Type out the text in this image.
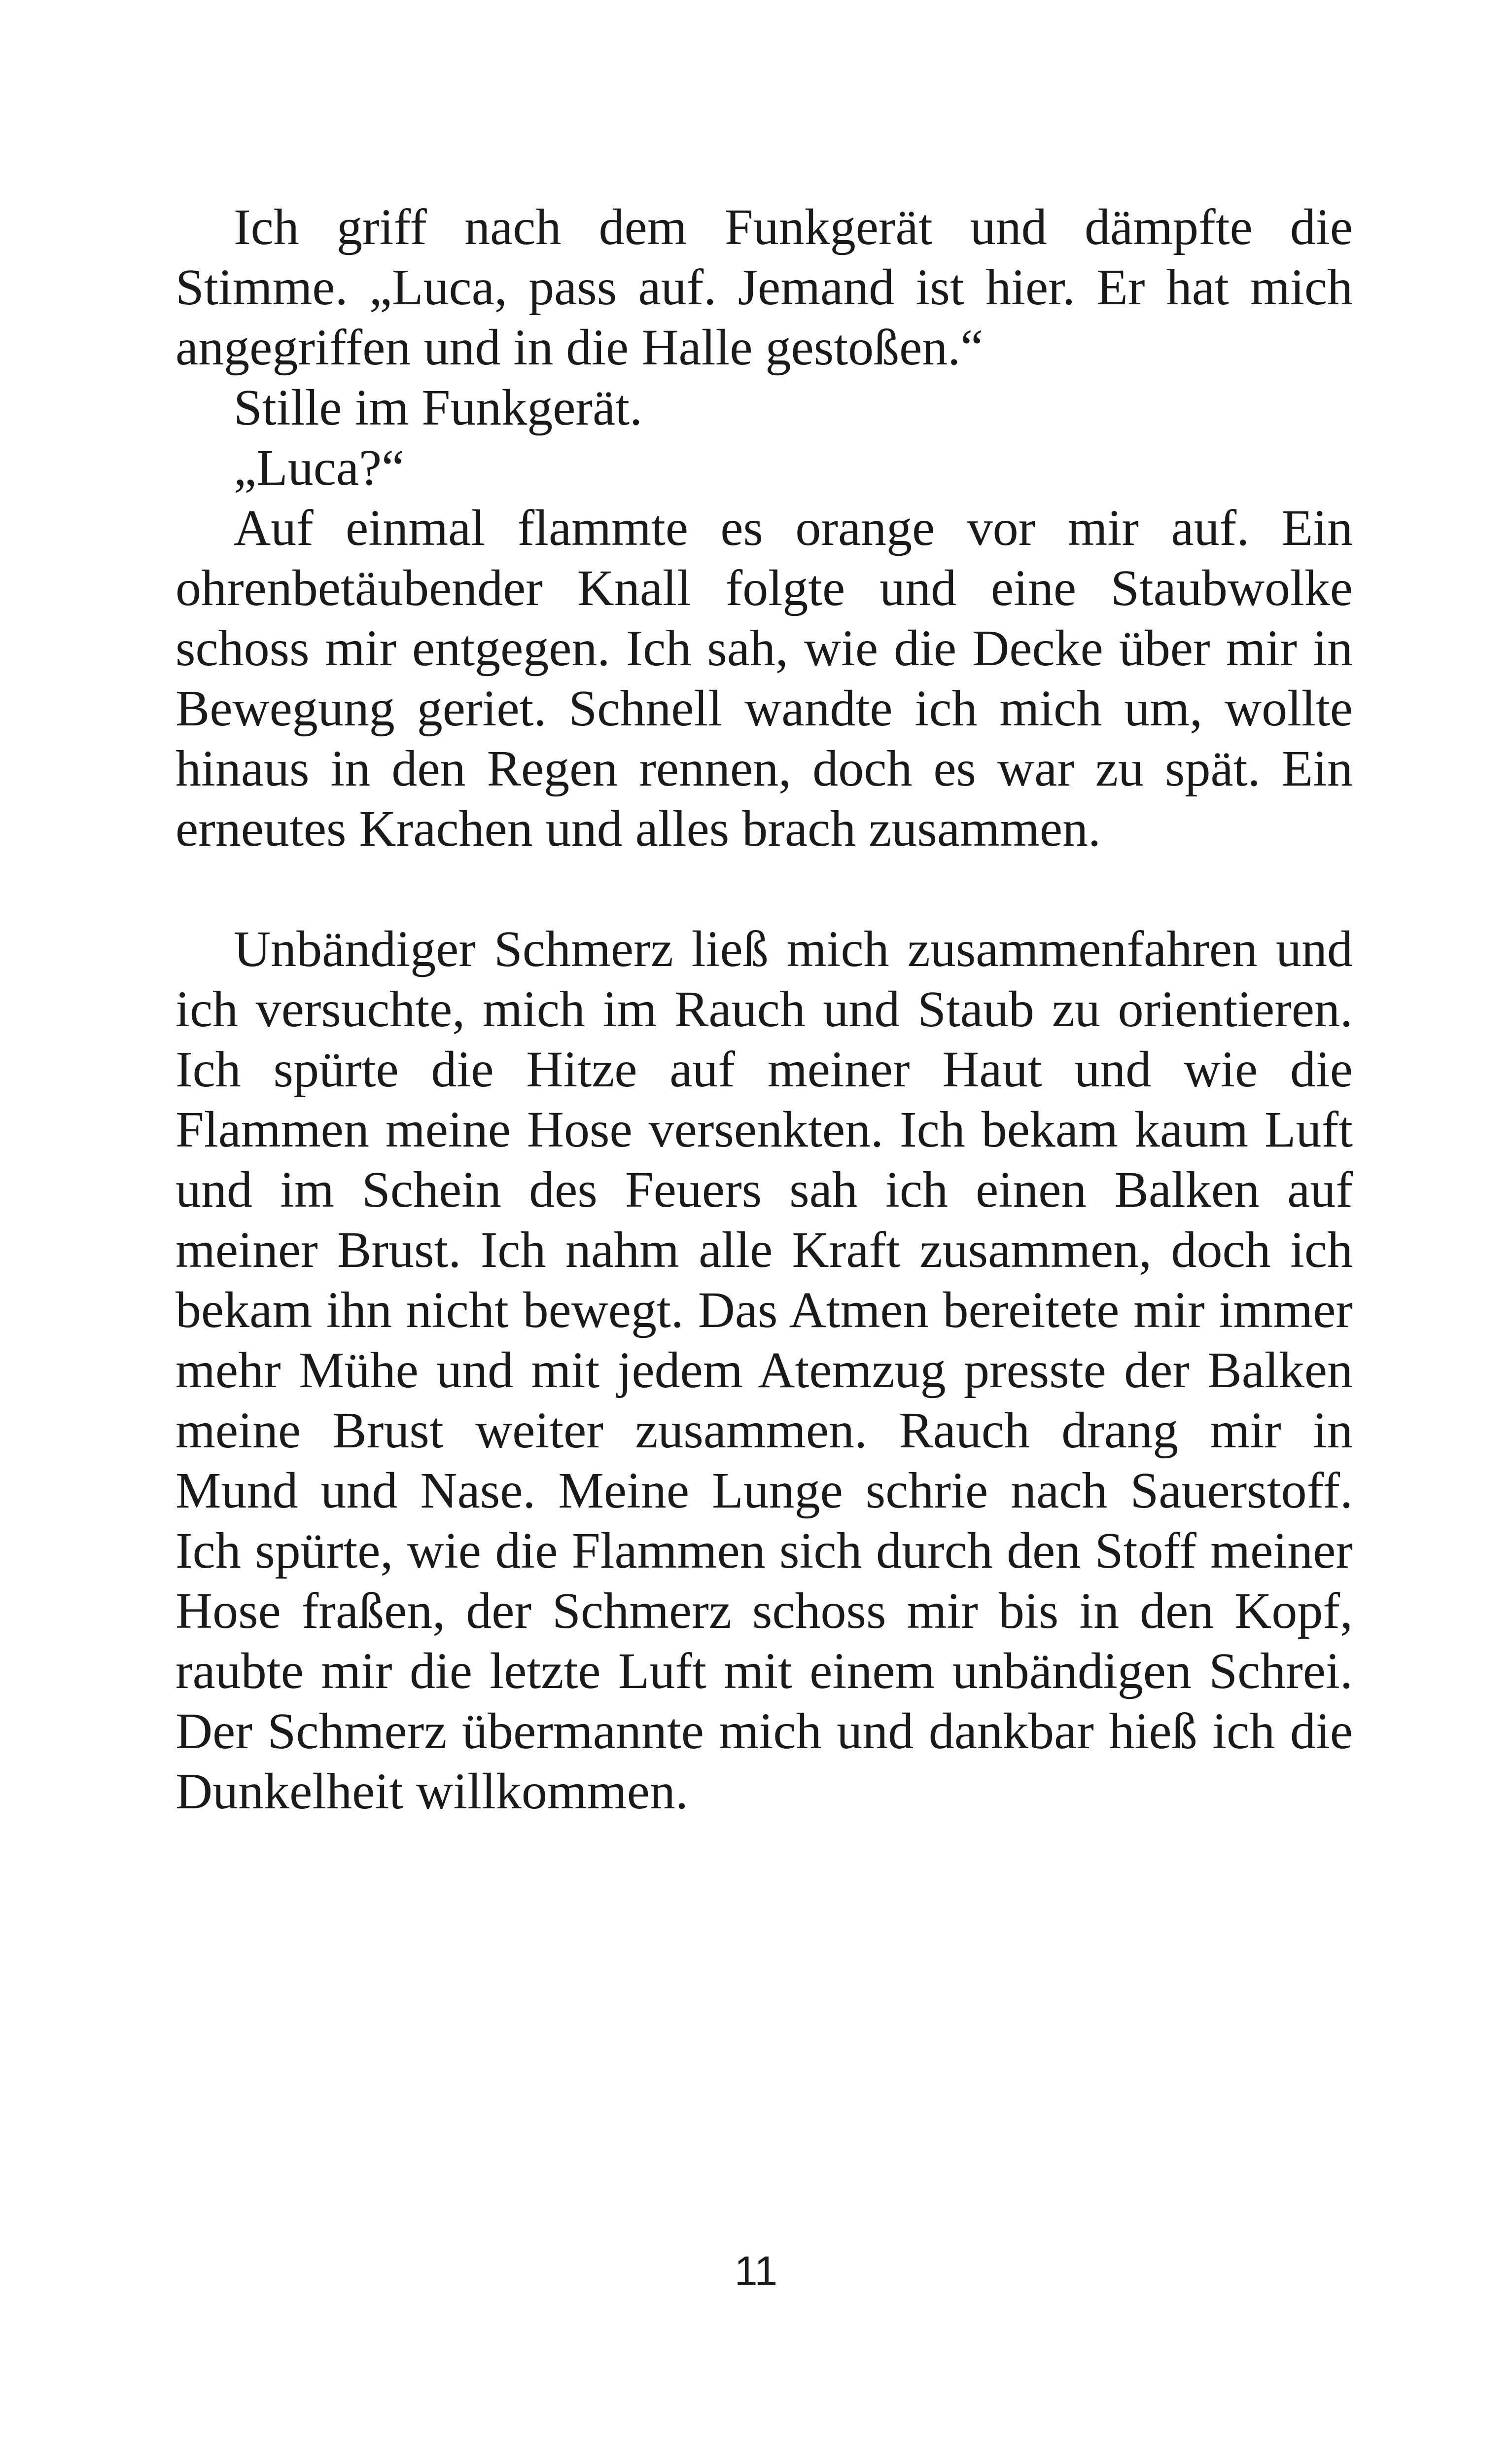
Ich griff nach dem Funkgerät und dämpfte die Stimme. „Luca, pass auf. Jemand ist hier. Er hat mich angegriffen und in die Halle gestoßen.“

Stille im Funkgerät.

„Luca?“

Auf einmal flammte es orange vor mir auf. Ein ohrenbetäubender Knall folgte und eine Staubwolke schoss mir entgegen. Ich sah, wie die Decke über mir in Bewegung geriet. Schnell wandte ich mich um, wollte hinaus in den Regen rennen, doch es war zu spät. Ein erneutes Krachen und alles brach zusammen.

Unbändiger Schmerz ließ mich zusammenfahren und ich versuchte, mich im Rauch und Staub zu orientieren. Ich spürte die Hitze auf meiner Haut und wie die Flammen meine Hose versenkten. Ich bekam kaum Luft und im Schein des Feuers sah ich einen Balken auf meiner Brust. Ich nahm alle Kraft zusammen, doch ich bekam ihn nicht bewegt. Das Atmen bereitete mir immer mehr Mühe und mit jedem Atemzug presste der Balken meine Brust weiter zusammen. Rauch drang mir in Mund und Nase. Meine Lunge schrie nach Sauerstoff. Ich spürte, wie die Flammen sich durch den Stoff meiner Hose fraßen, der Schmerz schoss mir bis in den Kopf, raubte mir die letzte Luft mit einem unbändigen Schrei. Der Schmerz übermannte mich und dankbar hieß ich die Dunkelheit willkommen.

11
